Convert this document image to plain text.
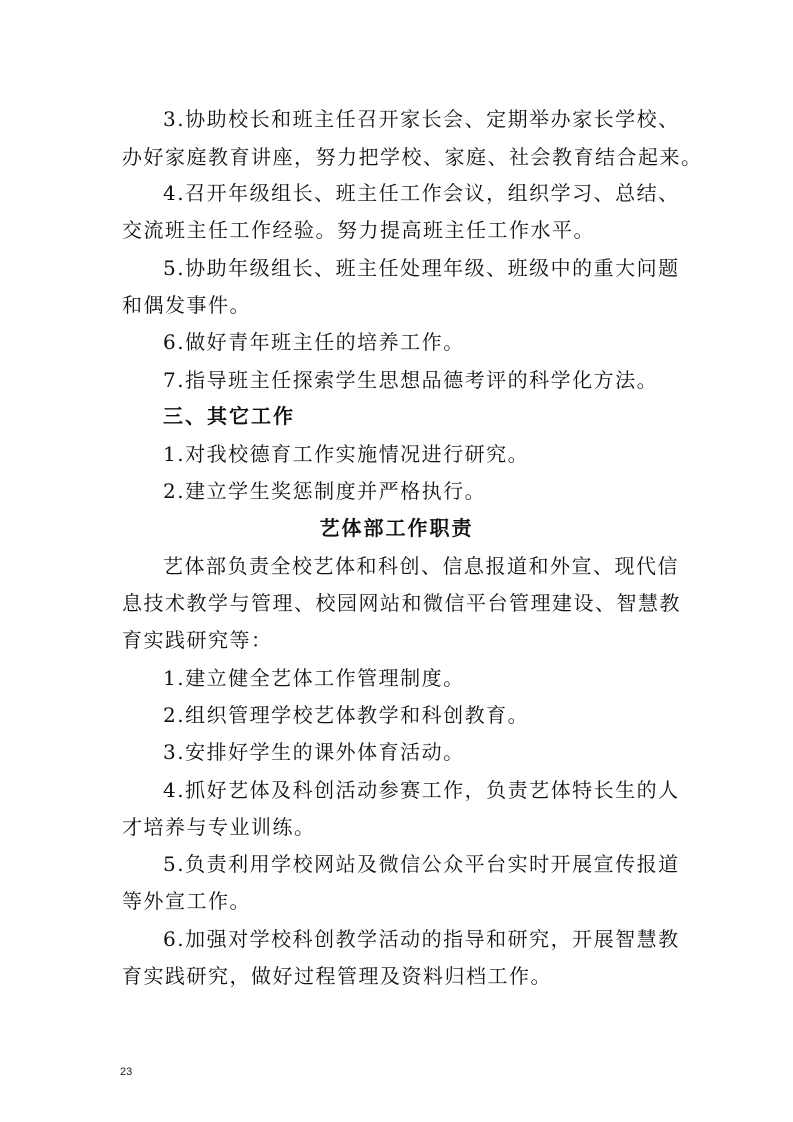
3.协助校长和班主任召开家长会、定期举办家长学校、
办好家庭教育讲座，努力把学校、家庭、社会教育结合起来。
4.召开年级组长、班主任工作会议，组织学习、总结、
交流班主任工作经验。努力提高班主任工作水平。
5.协助年级组长、班主任处理年级、班级中的重大问题
和偶发事件。
6.做好青年班主任的培养工作。
7.指导班主任探索学生思想品德考评的科学化方法。
三、其它工作
1.对我校德育工作实施情况进行研究。
2.建立学生奖惩制度并严格执行。
艺体部工作职责
艺体部负责全校艺体和科创、信息报道和外宣、现代信
息技术教学与管理、校园网站和微信平台管理建设、智慧教
育实践研究等：
1.建立健全艺体工作管理制度。
2.组织管理学校艺体教学和科创教育。
3.安排好学生的课外体育活动。
4.抓好艺体及科创活动参赛工作，负责艺体特长生的人
才培养与专业训练。
5.负责利用学校网站及微信公众平台实时开展宣传报道
等外宣工作。
6.加强对学校科创教学活动的指导和研究，开展智慧教
育实践研究，做好过程管理及资料归档工作。
23
